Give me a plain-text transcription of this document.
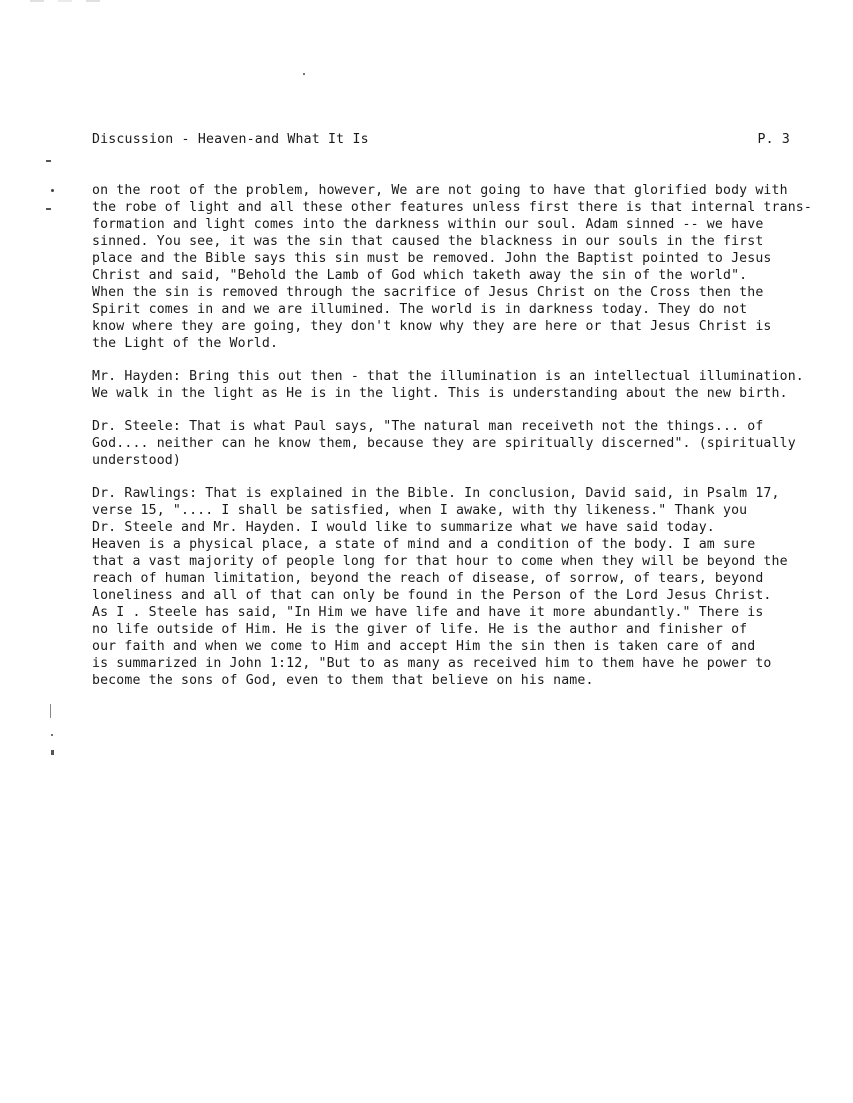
Discussion - Heaven-and What It Is	P. 3
on the root of the problem, however, We are not going to have that glorified body with
the robe of light and all these other features unless first there is that internal trans-
formation and light comes into the darkness within our soul. Adam sinned -- we have
sinned. You see, it was the sin that caused the blackness in our souls in the first
place and the Bible says this sin must be removed. John the Baptist pointed to Jesus
Christ and said, "Behold the Lamb of God which taketh away the sin of the world".
When the sin is removed through the sacrifice of Jesus Christ on the Cross then the
Spirit comes in and we are illumined. The world is in darkness today. They do not
know where they are going, they don't know why they are here or that Jesus Christ is
the Light of the World.
Mr. Hayden: Bring this out then - that the illumination is an intellectual illumination.
We walk in the light as He is in the light. This is understanding about the new birth.
Dr. Steele: That is what Paul says, "The natural man receiveth not the things... of
God.... neither can he know them, because they are spiritually discerned". (spiritually
understood)
Dr. Rawlings: That is explained in the Bible. In conclusion, David said, in Psalm 17,
verse 15, ".... I shall be satisfied, when I awake, with thy likeness." Thank you
Dr. Steele and Mr. Hayden. I would like to summarize what we have said today.
Heaven is a physical place, a state of mind and a condition of the body. I am sure
that a vast majority of people long for that hour to come when they will be beyond the
reach of human limitation, beyond the reach of disease, of sorrow, of tears, beyond
loneliness and all of that can only be found in the Person of the Lord Jesus Christ.
As I . Steele has said, "In Him we have life and have it more abundantly." There is
no life outside of Him. He is the giver of life. He is the author and finisher of
our faith and when we come to Him and accept Him the sin then is taken care of and
is summarized in John 1:12, "But to as many as received him to them have he power to
become the sons of God, even to them that believe on his name.
